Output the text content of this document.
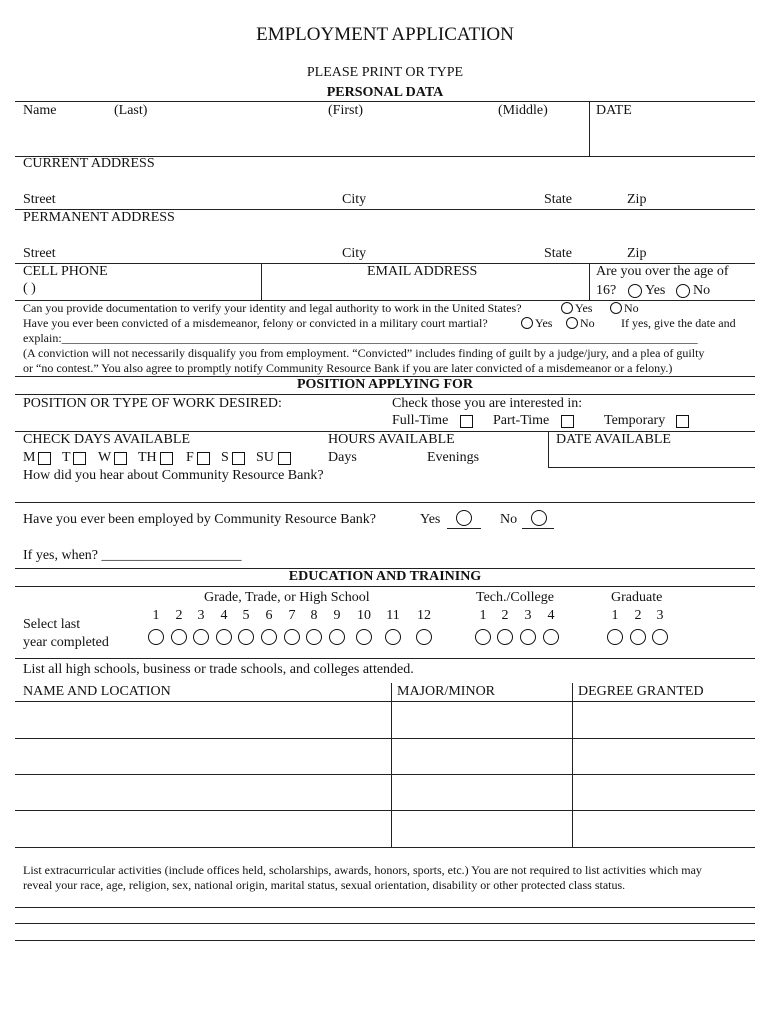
EMPLOYMENT APPLICATION
PLEASE PRINT OR TYPE
PERSONAL DATA
Name	(Last)	(First)	(Middle)	DATE
CURRENT ADDRESS
Street	City	State	Zip
PERMANENT ADDRESS
Street	City	State	Zip
CELL PHONE
( )
EMAIL ADDRESS	Are you over the age of
16? Yes No
Can you provide documentation to verify your identity and legal authority to work in the United States?	Yes	No
Have you ever been convicted of a misdemeanor, felony or convicted in a military court martial?	Yes No If yes, give the date and
explain:__________________________________________________________________________________________________________
(A conviction will not necessarily disqualify you from employment. “Convicted” includes finding of guilt by a judge/jury, and a plea of guilty
or “no contest.” You also agree to promptly notify Community Resource Bank if you are later convicted of a misdemeanor or a felony.)
POSITION APPLYING FOR
POSITION OR TYPE OF WORK DESIRED:	Check those you are interested in:
Full-Time	Part-Time	Temporary
CHECK DAYS AVAILABLE
M T W TH F S SU
HOURS AVAILABLE
Days	Evenings
DATE AVAILABLE
How did you hear about Community Resource Bank?
Have you ever been employed by Community Resource Bank?	Yes	No
If yes, when? ____________________
EDUCATION AND TRAINING
Grade, Trade, or High School	Tech./College	Graduate
Select last
year completed
1	2	3	4	5	6	7	8	9	10	11	12	1	2	3	4	1	2	3
List all high schools, business or trade schools, and colleges attended.
NAME AND LOCATION	MAJOR/MINOR	DEGREE GRANTED
List extracurricular activities (include offices held, scholarships, awards, honors, sports, etc.) You are not required to list activities which may
reveal your race, age, religion, sex, national origin, marital status, sexual orientation, disability or other protected class status.
